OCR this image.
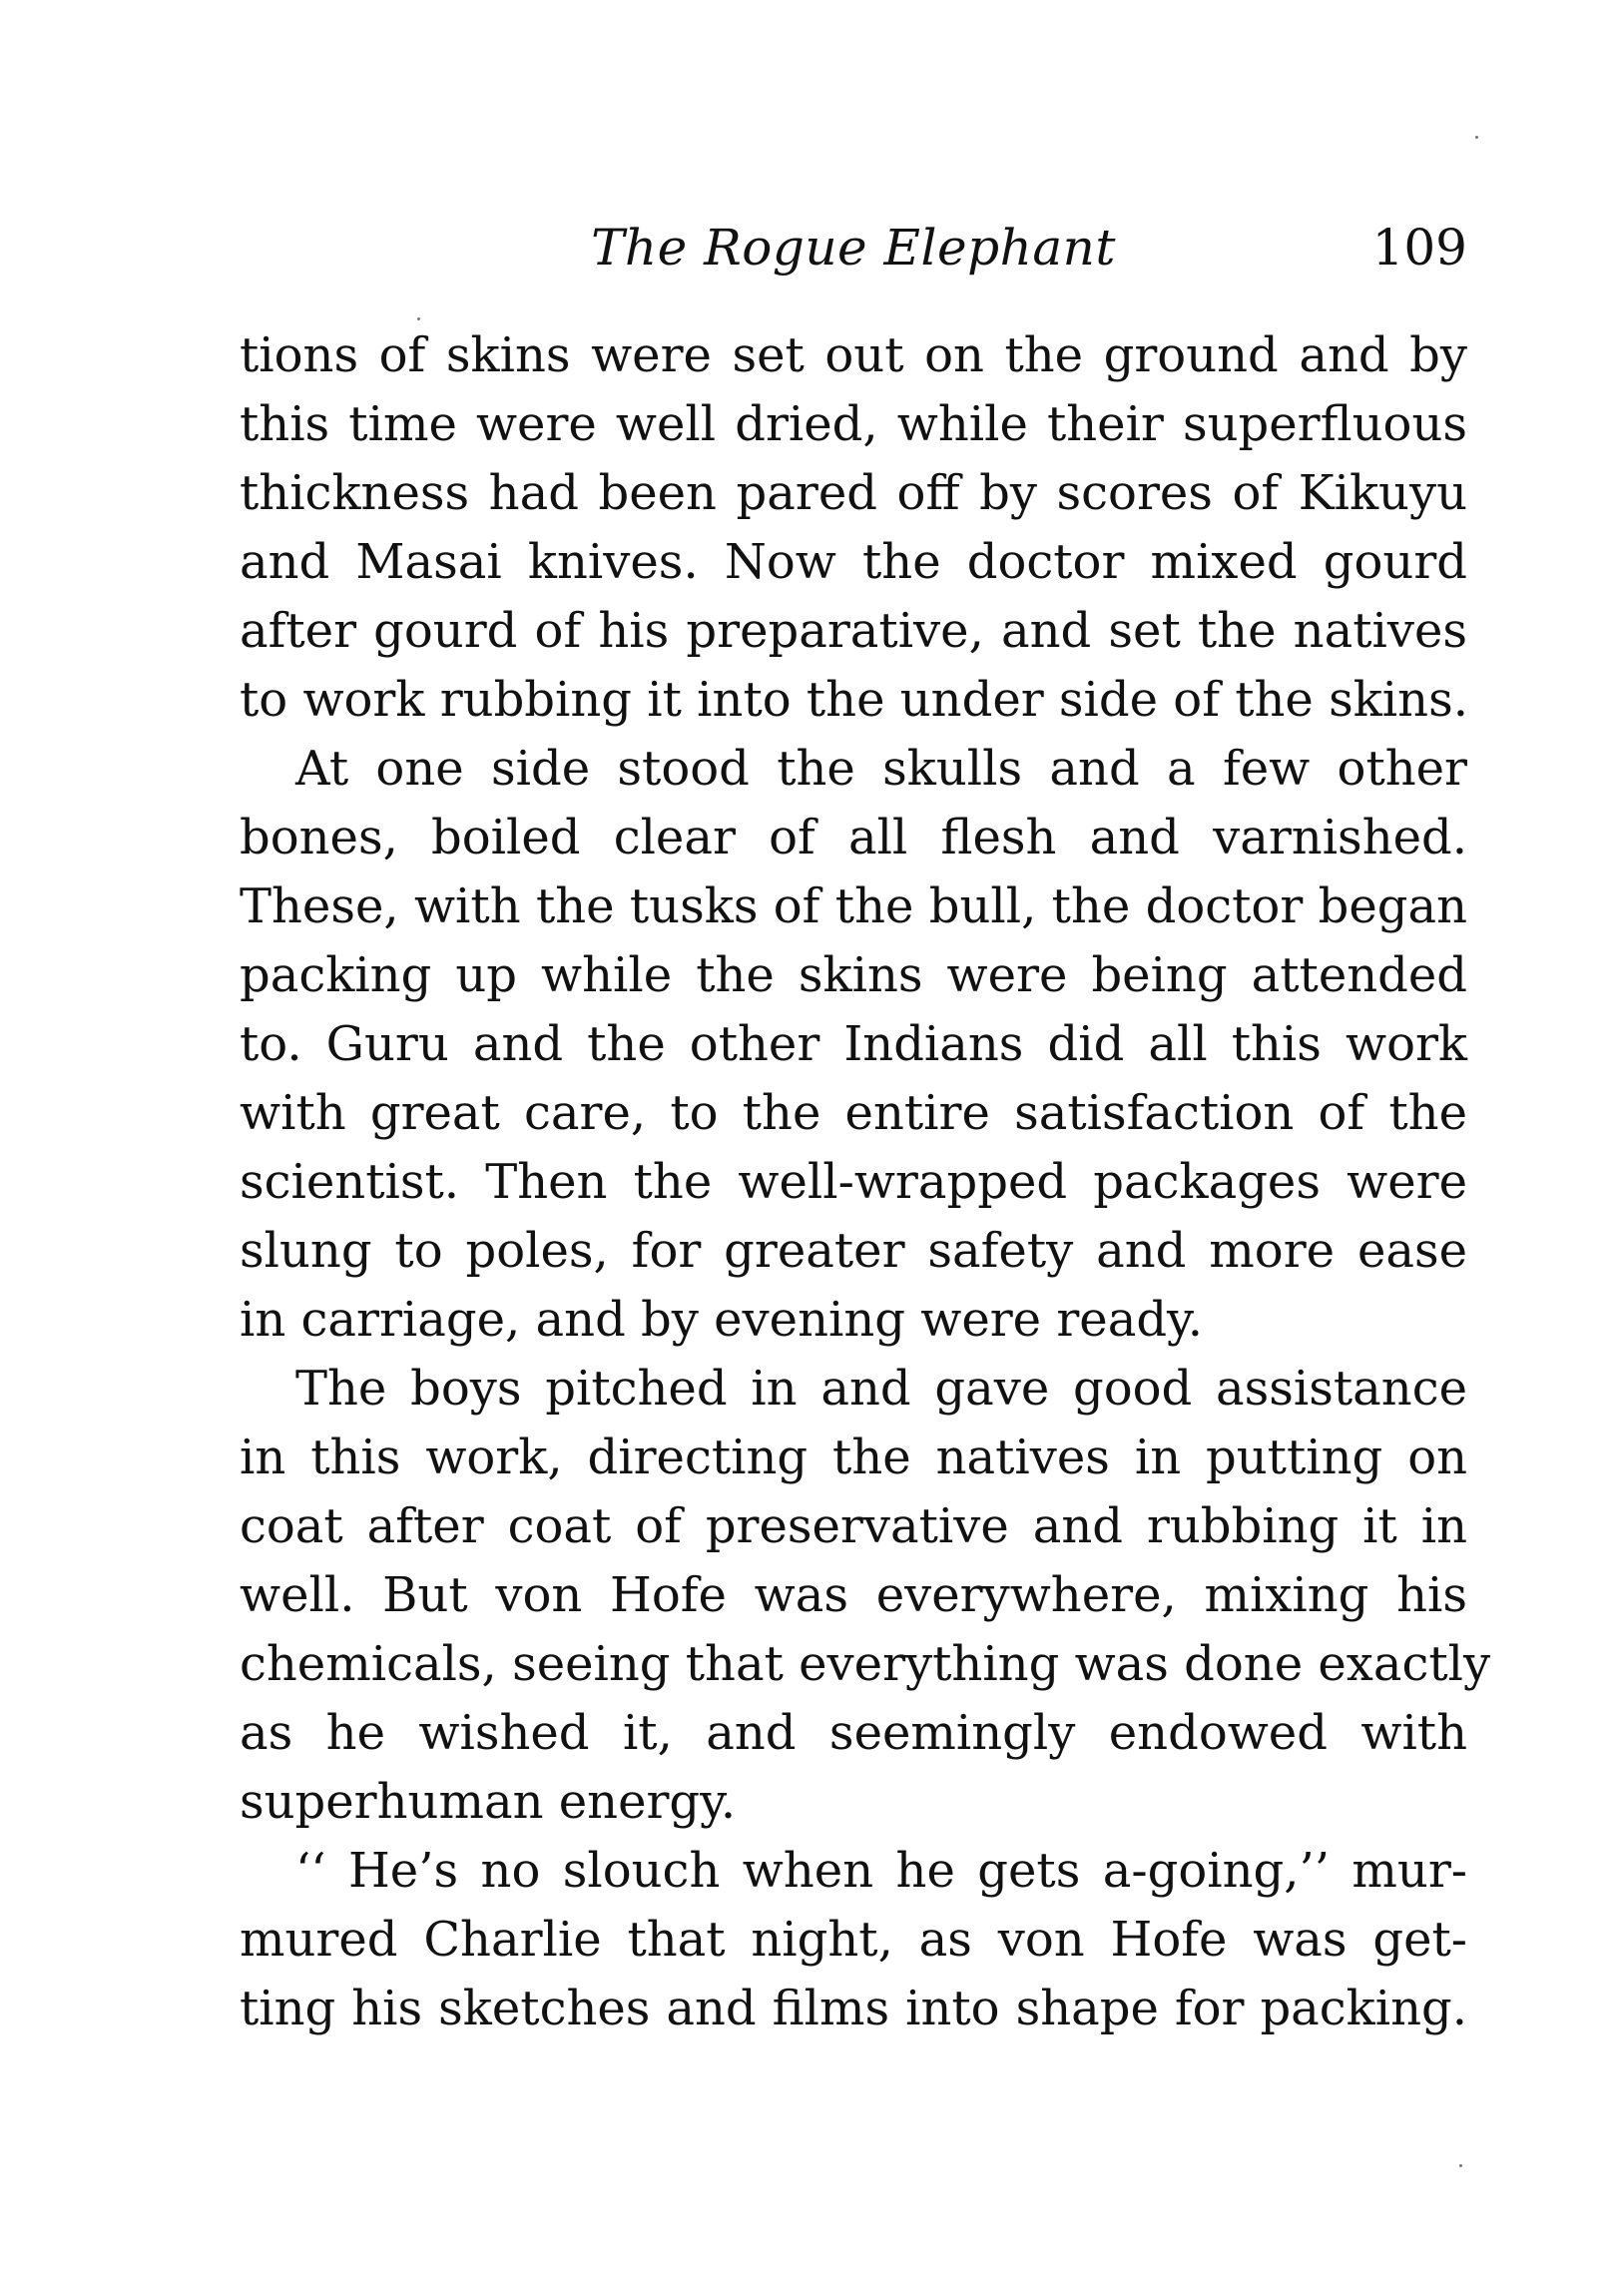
The Rogue Elephant	109
tions of skins were set out on the ground and by
this time were well dried, while their superfluous
thickness had been pared off by scores of Kikuyu
and Masai knives. Now the doctor mixed gourd
after gourd of his preparative, and set the natives
to work rubbing it into the under side of the skins.
At one side stood the skulls and a few other
bones, boiled clear of all flesh and varnished.
These, with the tusks of the bull, the doctor began
packing up while the skins were being attended
to. Guru and the other Indians did all this work
with great care, to the entire satisfaction of the
scientist. Then the well-wrapped packages were
slung to poles, for greater safety and more ease
in carriage, and by evening were ready.
The boys pitched in and gave good assistance
in this work, directing the natives in putting on
coat after coat of preservative and rubbing it in
well. But von Hofe was everywhere, mixing his
chemicals, seeing that everything was done exactly
as he wished it, and seemingly endowed with
superhuman energy.
‘‘ He’s no slouch when he gets a-going,’’ mur-
mured Charlie that night, as von Hofe was get-
ting his sketches and films into shape for packing.
